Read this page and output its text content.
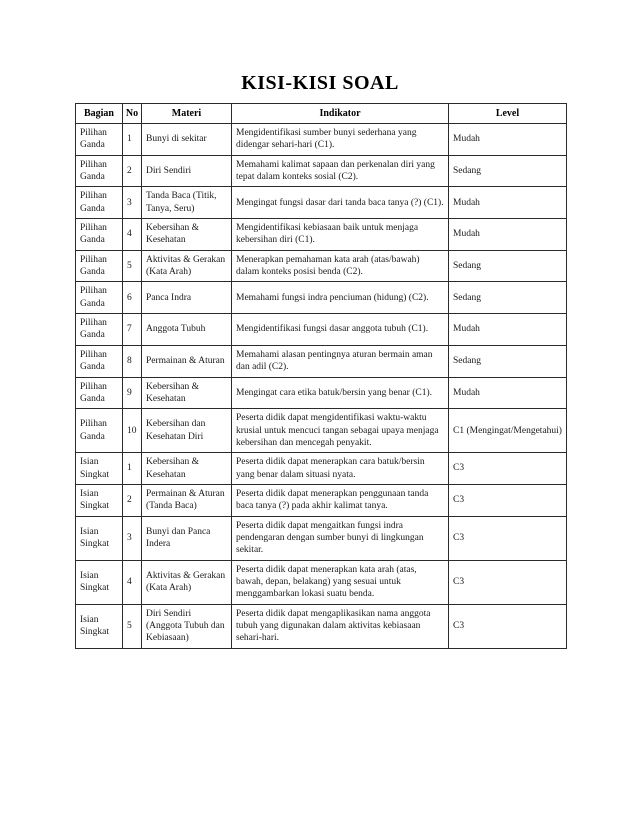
KISI-KISI SOAL
Bagian	No	Materi	Indikator	Level
Pilihan Ganda	1	Bunyi di sekitar	Mengidentifikasi sumber bunyi sederhana yang didengar sehari-hari (C1).	Mudah
Pilihan Ganda	2	Diri Sendiri	Memahami kalimat sapaan dan perkenalan diri yang tepat dalam konteks sosial (C2).	Sedang
Pilihan Ganda	3	Tanda Baca (Titik, Tanya, Seru)	Mengingat fungsi dasar dari tanda baca tanya (?) (C1).	Mudah
Pilihan Ganda	4	Kebersihan & Kesehatan	Mengidentifikasi kebiasaan baik untuk menjaga kebersihan diri (C1).	Mudah
Pilihan Ganda	5	Aktivitas & Gerakan (Kata Arah)	Menerapkan pemahaman kata arah (atas/bawah) dalam konteks posisi benda (C2).	Sedang
Pilihan Ganda	6	Panca Indra	Memahami fungsi indra penciuman (hidung) (C2).	Sedang
Pilihan Ganda	7	Anggota Tubuh	Mengidentifikasi fungsi dasar anggota tubuh (C1).	Mudah
Pilihan Ganda	8	Permainan & Aturan	Memahami alasan pentingnya aturan bermain aman dan adil (C2).	Sedang
Pilihan Ganda	9	Kebersihan & Kesehatan	Mengingat cara etika batuk/bersin yang benar (C1).	Mudah
Pilihan Ganda	10	Kebersihan dan Kesehatan Diri	Peserta didik dapat mengidentifikasi waktu-waktu krusial untuk mencuci tangan sebagai upaya menjaga kebersihan dan mencegah penyakit.	C1 (Mengingat/Mengetahui)
Isian Singkat	1	Kebersihan & Kesehatan	Peserta didik dapat menerapkan cara batuk/bersin yang benar dalam situasi nyata.	C3
Isian Singkat	2	Permainan & Aturan (Tanda Baca)	Peserta didik dapat menerapkan penggunaan tanda baca tanya (?) pada akhir kalimat tanya.	C3
Isian Singkat	3	Bunyi dan Panca Indera	Peserta didik dapat mengaitkan fungsi indra pendengaran dengan sumber bunyi di lingkungan sekitar.	C3
Isian Singkat	4	Aktivitas & Gerakan (Kata Arah)	Peserta didik dapat menerapkan kata arah (atas, bawah, depan, belakang) yang sesuai untuk menggambarkan lokasi suatu benda.	C3
Isian Singkat	5	Diri Sendiri (Anggota Tubuh dan Kebiasaan)	Peserta didik dapat mengaplikasikan nama anggota tubuh yang digunakan dalam aktivitas kebiasaan sehari-hari.	C3
